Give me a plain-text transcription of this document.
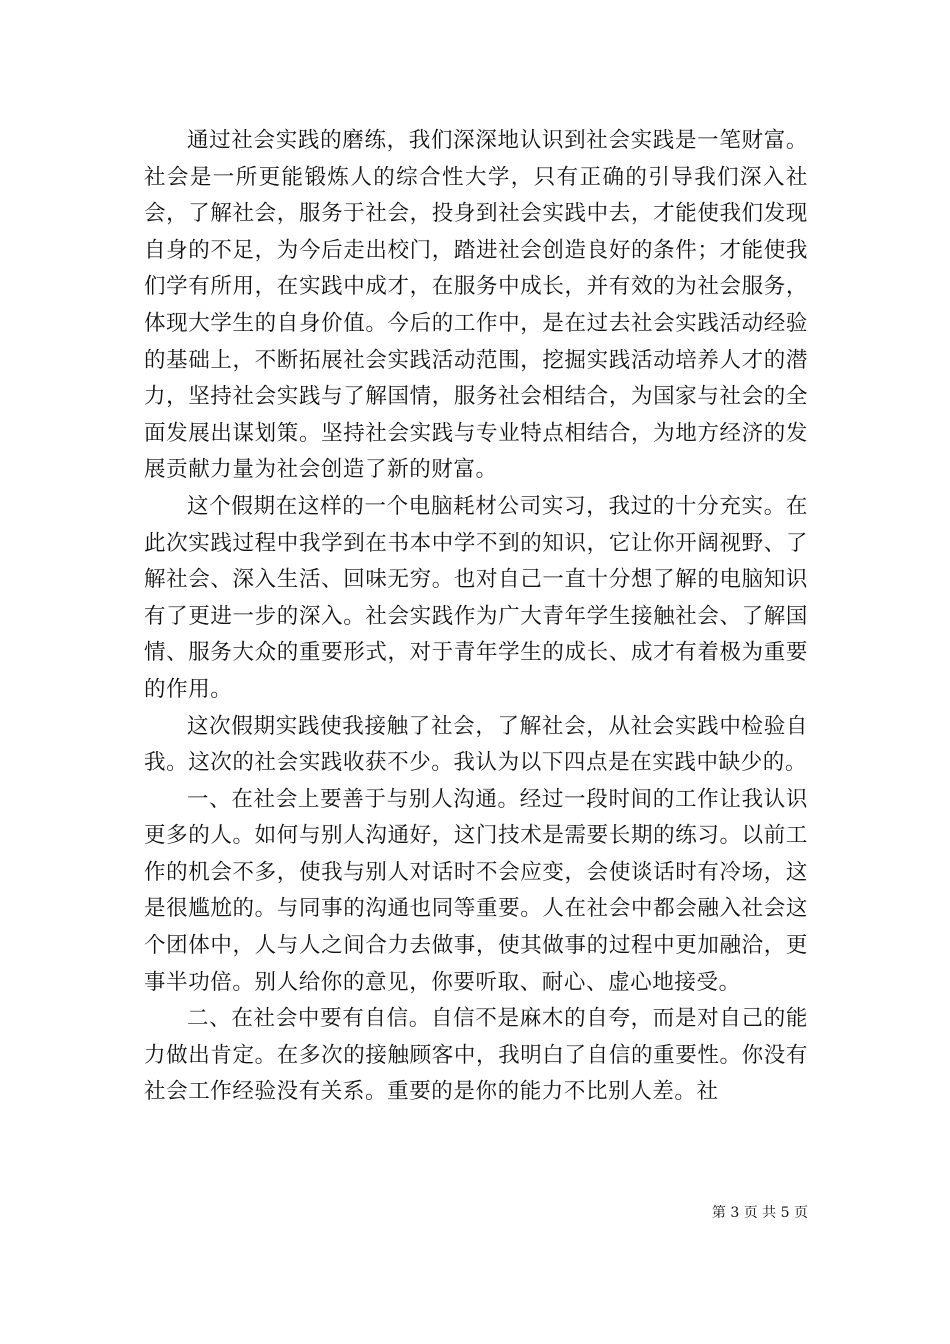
通过社会实践的磨练，我们深深地认识到社会实践是一笔财富。社会是一所更能锻炼人的综合性大学，只有正确的引导我们深入社会，了解社会，服务于社会，投身到社会实践中去，才能使我们发现自身的不足，为今后走出校门，踏进社会创造良好的条件；才能使我们学有所用，在实践中成才，在服务中成长，并有效的为社会服务，体现大学生的自身价值。今后的工作中，是在过去社会实践活动经验的基础上，不断拓展社会实践活动范围，挖掘实践活动培养人才的潜力，坚持社会实践与了解国情，服务社会相结合，为国家与社会的全面发展出谋划策。坚持社会实践与专业特点相结合，为地方经济的发展贡献力量为社会创造了新的财富。

这个假期在这样的一个电脑耗材公司实习，我过的十分充实。在此次实践过程中我学到在书本中学不到的知识，它让你开阔视野、了解社会、深入生活、回味无穷。也对自己一直十分想了解的电脑知识有了更进一步的深入。社会实践作为广大青年学生接触社会、了解国情、服务大众的重要形式，对于青年学生的成长、成才有着极为重要的作用。

这次假期实践使我接触了社会，了解社会，从社会实践中检验自我。这次的社会实践收获不少。我认为以下四点是在实践中缺少的。

一、在社会上要善于与别人沟通。经过一段时间的工作让我认识更多的人。如何与别人沟通好，这门技术是需要长期的练习。以前工作的机会不多，使我与别人对话时不会应变，会使谈话时有冷场，这是很尴尬的。与同事的沟通也同等重要。人在社会中都会融入社会这个团体中，人与人之间合力去做事，使其做事的过程中更加融洽，更事半功倍。别人给你的意见，你要听取、耐心、虚心地接受。

二、在社会中要有自信。自信不是麻木的自夸，而是对自己的能力做出肯定。在多次的接触顾客中，我明白了自信的重要性。你没有社会工作经验没有关系。重要的是你的能力不比别人差。社

第 3 页 共 5 页
